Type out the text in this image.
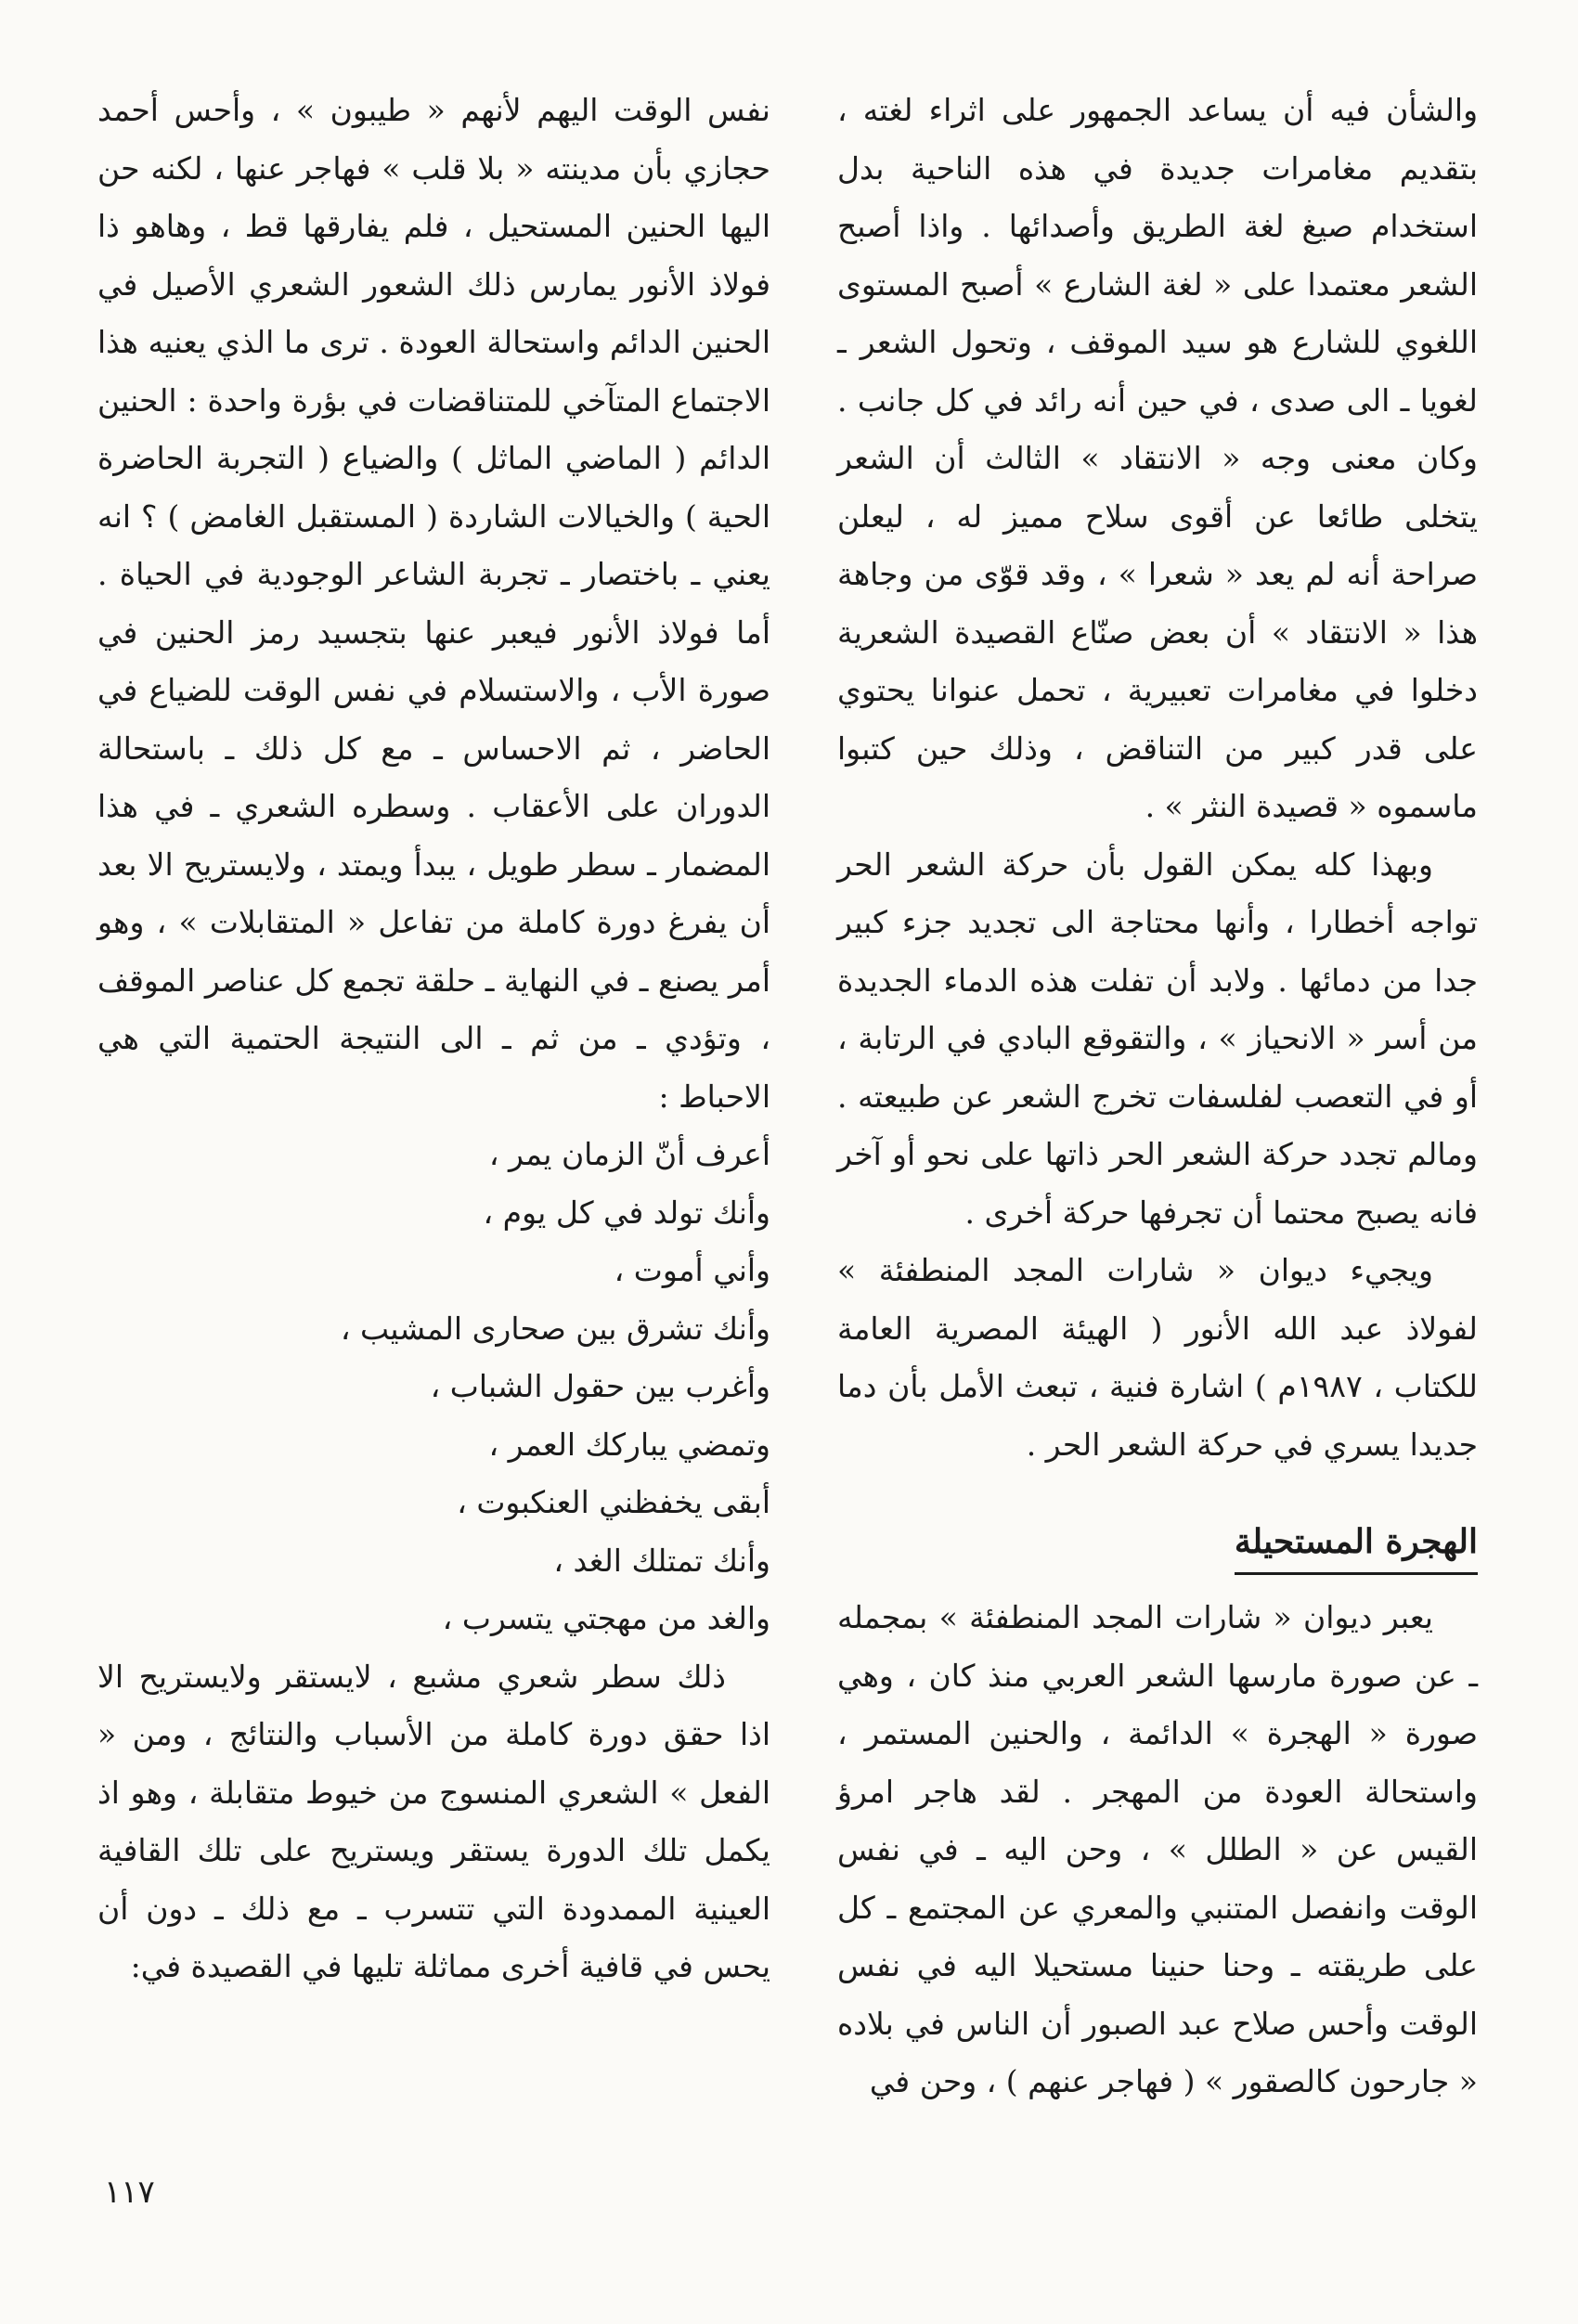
والشأن فيه أن يساعد الجمهور على اثراء لغته ، بتقديم مغامرات جديدة في هذه الناحية بدل استخدام صيغ لغة الطريق وأصدائها . واذا أصبح الشعر معتمدا على « لغة الشارع » أصبح المستوى اللغوي للشارع هو سيد الموقف ، وتحول الشعر ـ لغويا ـ الى صدى ، في حين أنه رائد في كل جانب . وكان معنى وجه « الانتقاد » الثالث أن الشعر يتخلى طائعا عن أقوى سلاح مميز له ، ليعلن صراحة أنه لم يعد « شعرا » ، وقد قوّى من وجاهة هذا « الانتقاد » أن بعض صنّاع القصيدة الشعرية دخلوا في مغامرات تعبيرية ، تحمل عنوانا يحتوي على قدر كبير من التناقض ، وذلك حين كتبوا ماسموه « قصيدة النثر » .

وبهذا كله يمكن القول بأن حركة الشعر الحر تواجه أخطارا ، وأنها محتاجة الى تجديد جزء كبير جدا من دمائها . ولابد أن تفلت هذه الدماء الجديدة من أسر « الانحياز » ، والتقوقع البادي في الرتابة ، أو في التعصب لفلسفات تخرج الشعر عن طبيعته . ومالم تجدد حركة الشعر الحر ذاتها على نحو أو آخر فانه يصبح محتما أن تجرفها حركة أخرى .

ويجيء ديوان « شارات المجد المنطفئة » لفولاذ عبد الله الأنور ( الهيئة المصرية العامة للكتاب ، ١٩٨٧م ) اشارة فنية ، تبعث الأمل بأن دما جديدا يسري في حركة الشعر الحر .

الهجرة المستحيلة

يعبر ديوان « شارات المجد المنطفئة » بمجمله ـ عن صورة مارسها الشعر العربي منذ كان ، وهي صورة « الهجرة » الدائمة ، والحنين المستمر ، واستحالة العودة من المهجر . لقد هاجر امرؤ القيس عن « الطلل » ، وحن اليه ـ في نفس الوقت وانفصل المتنبي والمعري عن المجتمع ـ كل على طريقته ـ وحنا حنينا مستحيلا اليه في نفس الوقت وأحس صلاح عبد الصبور أن الناس في بلاده « جارحون كالصقور » ( فهاجر عنهم ) ، وحن في

نفس الوقت اليهم لأنهم « طيبون » ، وأحس أحمد حجازي بأن مدينته « بلا قلب » فهاجر عنها ، لكنه حن اليها الحنين المستحيل ، فلم يفارقها قط ، وهاهو ذا فولاذ الأنور يمارس ذلك الشعور الشعري الأصيل في الحنين الدائم واستحالة العودة . ترى ما الذي يعنيه هذا الاجتماع المتآخي للمتناقضات في بؤرة واحدة : الحنين الدائم ( الماضي الماثل ) والضياع ( التجربة الحاضرة الحية ) والخيالات الشاردة ( المستقبل الغامض ) ؟ انه يعني ـ باختصار ـ تجربة الشاعر الوجودية في الحياة . أما فولاذ الأنور فيعبر عنها بتجسيد رمز الحنين في صورة الأب ، والاستسلام في نفس الوقت للضياع في الحاضر ، ثم الاحساس ـ مع كل ذلك ـ باستحالة الدوران على الأعقاب . وسطره الشعري ـ في هذا المضمار ـ سطر طويل ، يبدأ ويمتد ، ولايستريح الا بعد أن يفرغ دورة كاملة من تفاعل « المتقابلات » ، وهو أمر يصنع ـ في النهاية ـ حلقة تجمع كل عناصر الموقف ، وتؤدي ـ من ثم ـ الى النتيجة الحتمية التي هي الاحباط :

أعرف أنّ الزمان يمر ،

وأنك تولد في كل يوم ،

وأني أموت ،

وأنك تشرق بين صحارى المشيب ،

وأغرب بين حقول الشباب ،

وتمضي يباركك العمر ،

أبقى يخفظني العنكبوت ،

وأنك تمتلك الغد ،

والغد من مهجتي يتسرب ،

ذلك سطر شعري مشبع ، لايستقر ولايستريح الا اذا حقق دورة كاملة من الأسباب والنتائج ، ومن « الفعل » الشعري المنسوج من خيوط متقابلة ، وهو اذ يكمل تلك الدورة يستقر ويستريح على تلك القافية العينية الممدودة التي تتسرب ـ مع ذلك ـ دون أن يحس في قافية أخرى مماثلة تليها في القصيدة في:

١١٧
